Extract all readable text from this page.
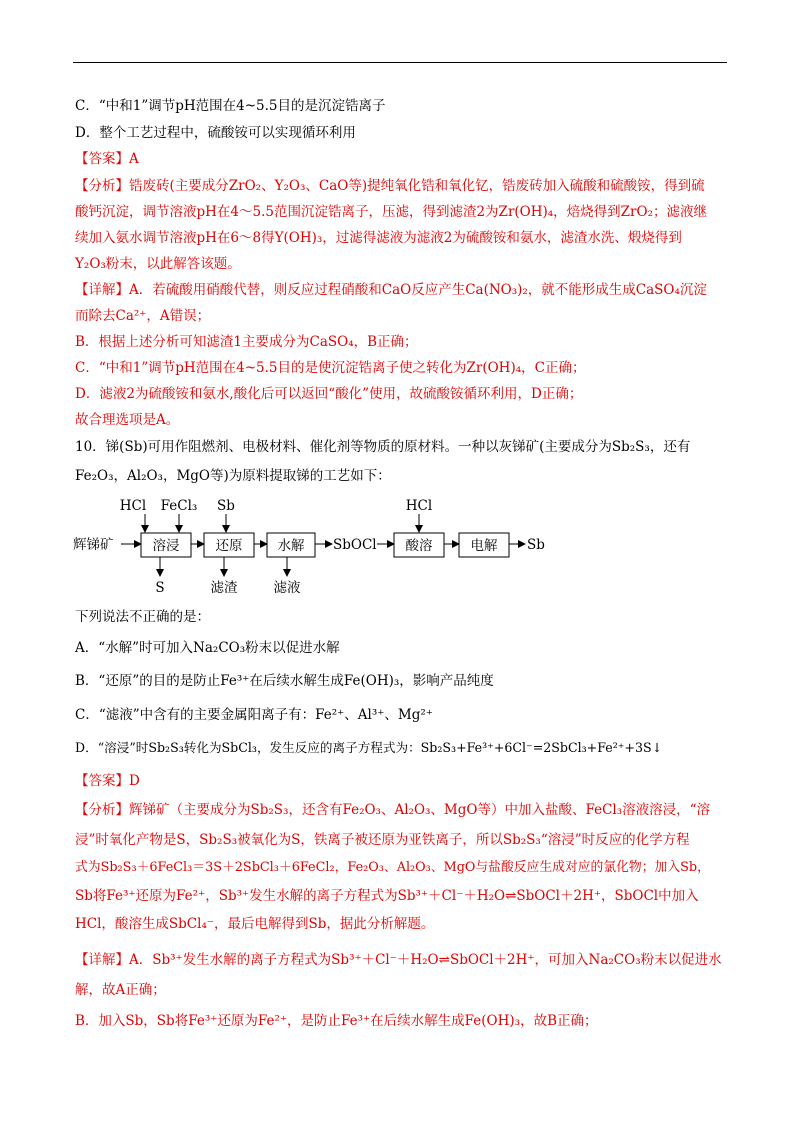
C．“中和1”调节pH范围在4~5.5目的是沉淀锆离子
D．整个工艺过程中，硫酸铵可以实现循环利用
【答案】A
【分析】锆废砖(主要成分ZrO₂、Y₂O₃、CaO等)提纯氧化锆和氧化钇，锆废砖加入硫酸和硫酸铵，得到硫
酸钙沉淀，调节溶液pH在4～5.5范围沉淀锆离子，压滤，得到滤渣2为Zr(OH)₄，焙烧得到ZrO₂；滤液继
续加入氨水调节溶液pH在6～8得Y(OH)₃，过滤得滤液为滤液2为硫酸铵和氨水，滤渣水洗、煅烧得到
Y₂O₃粉末，以此解答该题。
【详解】A．若硫酸用硝酸代替，则反应过程硝酸和CaO反应产生Ca(NO₃)₂，就不能形成生成CaSO₄沉淀
而除去Ca²⁺，A错误；
B．根据上述分析可知滤渣1主要成分为CaSO₄，B正确；
C．“中和1”调节pH范围在4~5.5目的是使沉淀锆离子使之转化为Zr(OH)₄，C正确；
D．滤液2为硫酸铵和氨水,酸化后可以返回“酸化”使用，故硫酸铵循环利用，D正确；
故合理选项是A。
10．锑(Sb)可用作阻燃剂、电极材料、催化剂等物质的原材料。一种以灰锑矿(主要成分为Sb₂S₃，还有
Fe₂O₃，Al₂O₃，MgO等)为原料提取锑的工艺如下：
HCl FeCl₃ Sb	HCl
辉锑矿	溶浸	还原	水解 SbOCl 酸溶	电解 Sb
S	滤渣	滤液
下列说法不正确的是：
A．“水解”时可加入Na₂CO₃粉末以促进水解
B．“还原”的目的是防止Fe³⁺在后续水解生成Fe(OH)₃，影响产品纯度
C．“滤液”中含有的主要金属阳离子有：Fe²⁺、Al³⁺、Mg²⁺
D．“溶浸”时Sb₂S₃转化为SbCl₃，发生反应的离子方程式为：Sb₂S₃+Fe³⁺+6Cl⁻=2SbCl₃+Fe²⁺+3S↓
【答案】D
【分析】辉锑矿（主要成分为Sb₂S₃，还含有Fe₂O₃、Al₂O₃、MgO等）中加入盐酸、FeCl₃溶液溶浸，“溶
浸”时氧化产物是S，Sb₂S₃被氧化为S，铁离子被还原为亚铁离子，所以Sb₂S₃“溶浸”时反应的化学方程
式为Sb₂S₃＋6FeCl₃＝3S＋2SbCl₃＋6FeCl₂，Fe₂O₃、Al₂O₃、MgO与盐酸反应生成对应的氯化物；加入Sb，
Sb将Fe³⁺还原为Fe²⁺，Sb³⁺发生水解的离子方程式为Sb³⁺＋Cl⁻＋H₂O⇌SbOCl＋2H⁺，SbOCl中加入
HCl，酸溶生成SbCl₄⁻，最后电解得到Sb，据此分析解题。
【详解】A．Sb³⁺发生水解的离子方程式为Sb³⁺＋Cl⁻＋H₂O⇌SbOCl＋2H⁺，可加入Na₂CO₃粉末以促进水
解，故A正确；
B．加入Sb，Sb将Fe³⁺还原为Fe²⁺，是防止Fe³⁺在后续水解生成Fe(OH)₃，故B正确；
